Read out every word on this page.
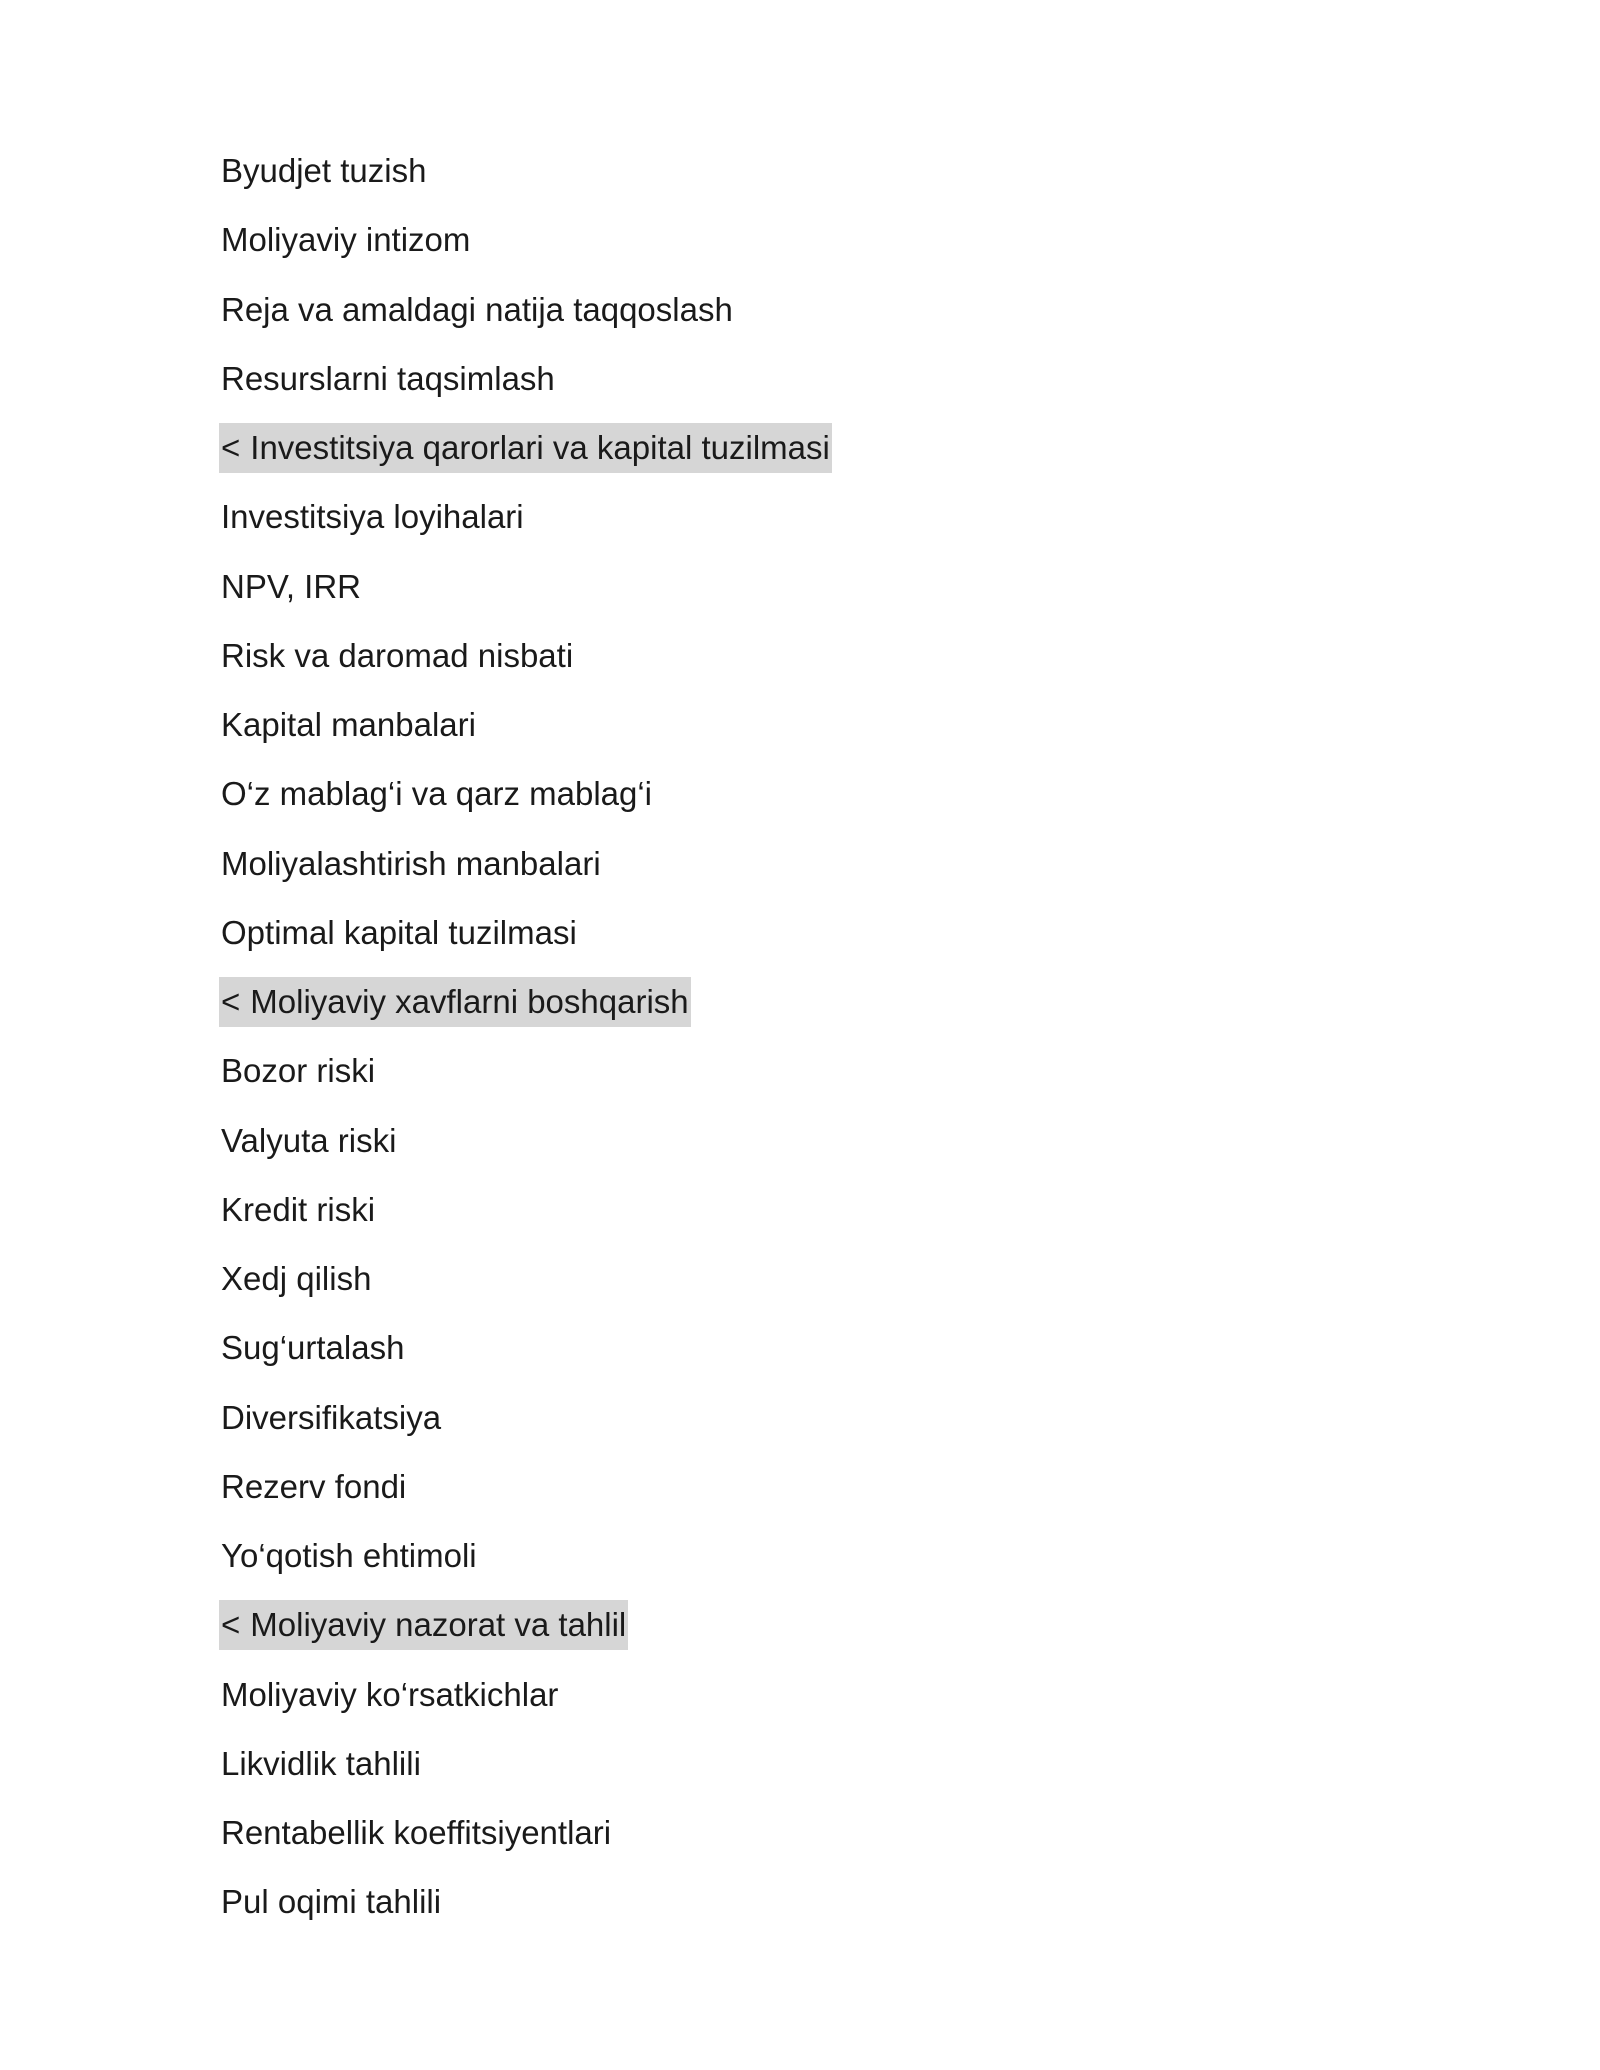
Byudjet tuzish
Moliyaviy intizom
Reja va amaldagi natija taqqoslash
Resurslarni taqsimlash
< Investitsiya qarorlari va kapital tuzilmasi
Investitsiya loyihalari
NPV, IRR
Risk va daromad nisbati
Kapital manbalari
O‘z mablag‘i va qarz mablag‘i
Moliyalashtirish manbalari
Optimal kapital tuzilmasi
< Moliyaviy xavflarni boshqarish
Bozor riski
Valyuta riski
Kredit riski
Xedj qilish
Sug‘urtalash
Diversifikatsiya
Rezerv fondi
Yo‘qotish ehtimoli
< Moliyaviy nazorat va tahlil
Moliyaviy ko‘rsatkichlar
Likvidlik tahlili
Rentabellik koeffitsiyentlari
Pul oqimi tahlili
